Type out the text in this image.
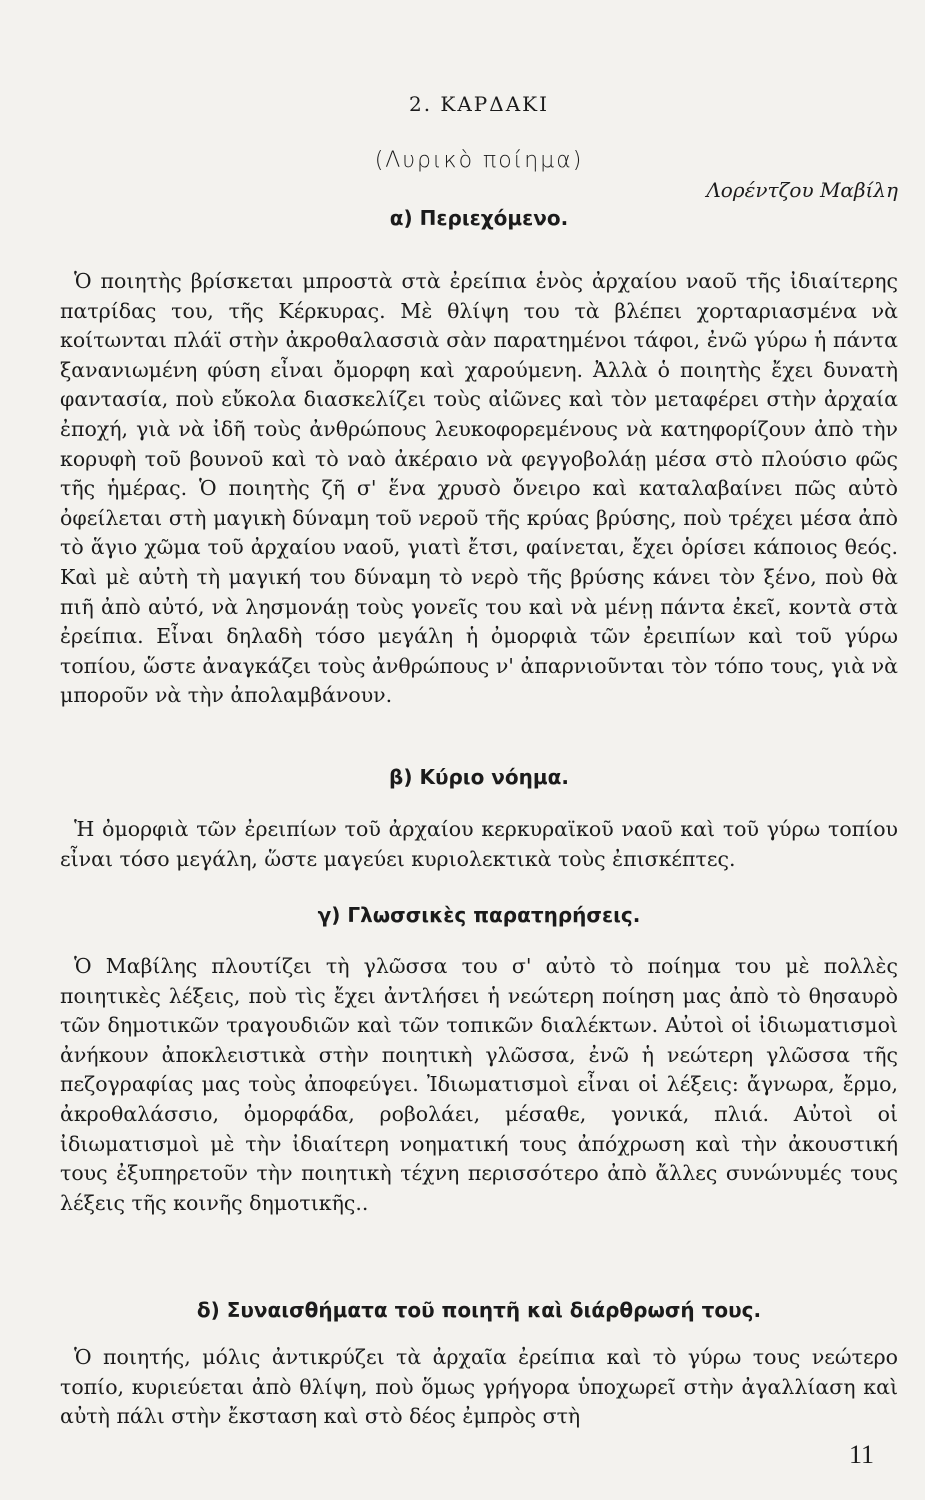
2. ΚΑΡΔΑΚΙ
(Λυρικὸ ποίημα)
Λορέντζου Μαβίλη
α) Περιεχόμενο.

Ὁ ποιητὴς βρίσκεται μπροστὰ στὰ ἐρείπια ἑνὸς ἀρχαίου ναοῦ τῆς ἰδιαίτερης πατρίδας του, τῆς Κέρκυρας. Μὲ θλίψη του τὰ βλέπει χορταριασμένα νὰ κοίτωνται πλάϊ στὴν ἀκροθαλασσιὰ σὰν παρατημένοι τάφοι, ἐνῶ γύρω ἡ πάντα ξανανιωμένη φύση εἶναι ὄμορφη καὶ χαρούμενη. Ἀλλὰ ὁ ποιητὴς ἔχει δυνατὴ φαντασία, ποὺ εὔκολα διασκελίζει τοὺς αἰῶνες καὶ τὸν μεταφέρει στὴν ἀρχαία ἐποχή, γιὰ νὰ ἰδῆ τοὺς ἀνθρώπους λευκοφορεμένους νὰ κατηφορίζουν ἀπὸ τὴν κορυφὴ τοῦ βουνοῦ καὶ τὸ ναὸ ἀκέραιο νὰ φεγγοβολάῃ μέσα στὸ πλούσιο φῶς τῆς ἡμέρας. Ὁ ποιητὴς ζῆ σ' ἕνα χρυσὸ ὄνειρο καὶ καταλαβαίνει πῶς αὐτὸ ὀφείλεται στὴ μαγικὴ δύναμη τοῦ νεροῦ τῆς κρύας βρύσης, ποὺ τρέχει μέσα ἀπὸ τὸ ἅγιο χῶμα τοῦ ἀρχαίου ναοῦ, γιατὶ ἔτσι, φαίνεται, ἔχει ὁρίσει κάποιος θεός. Καὶ μὲ αὐτὴ τὴ μαγική του δύναμη τὸ νερὸ τῆς βρύσης κάνει τὸν ξένο, ποὺ θὰ πιῆ ἀπὸ αὐτό, νὰ λησμονάῃ τοὺς γονεῖς του καὶ νὰ μένῃ πάντα ἐκεῖ, κοντὰ στὰ ἐρείπια. Εἶναι δηλαδὴ τόσο μεγάλη ἡ ὀμορφιὰ τῶν ἐρειπίων καὶ τοῦ γύρω τοπίου, ὥστε ἀναγκάζει τοὺς ἀνθρώπους ν' ἀπαρνιοῦνται τὸν τόπο τους, γιὰ νὰ μποροῦν νὰ τὴν ἀπολαμβάνουν.

β) Κύριο νόημα.

Ἡ ὀμορφιὰ τῶν ἐρειπίων τοῦ ἀρχαίου κερκυραϊκοῦ ναοῦ καὶ τοῦ γύρω τοπίου εἶναι τόσο μεγάλη, ὥστε μαγεύει κυριολεκτικὰ τοὺς ἐπισκέπτες.

γ) Γλωσσικὲς παρατηρήσεις.

Ὁ Μαβίλης πλουτίζει τὴ γλῶσσα του σ' αὐτὸ τὸ ποίημα του μὲ πολλὲς ποιητικὲς λέξεις, ποὺ τὶς ἔχει ἀντλήσει ἡ νεώτερη ποίηση μας ἀπὸ τὸ θησαυρὸ τῶν δημοτικῶν τραγουδιῶν καὶ τῶν τοπικῶν διαλέκτων. Αὐτοὶ οἱ ἰδιωματισμοὶ ἀνήκουν ἀποκλειστικὰ στὴν ποιητικὴ γλῶσσα, ἐνῶ ἡ νεώτερη γλῶσσα τῆς πεζογραφίας μας τοὺς ἀποφεύγει. Ἰδιωματισμοὶ εἶναι οἱ λέξεις: ἄγνωρα, ἔρμο, ἀκροθαλάσσιο, ὀμορφάδα, ροβολάει, μέσαθε, γονικά, πλιά. Αὐτοὶ οἱ ἰδιωματισμοὶ μὲ τὴν ἰδιαίτερη νοηματική τους ἀπόχρωση καὶ τὴν ἀκουστική τους ἐξυπηρετοῦν τὴν ποιητικὴ τέχνη περισσότερο ἀπὸ ἄλλες συνώνυμές τους λέξεις τῆς κοινῆς δημοτικῆς..

δ) Συναισθήματα τοῦ ποιητῆ καὶ διάρθρωσή τους.

Ὁ ποιητής, μόλις ἀντικρύζει τὰ ἀρχαῖα ἐρείπια καὶ τὸ γύρω τους νεώτερο τοπίο, κυριεύεται ἀπὸ θλίψη, ποὺ ὅμως γρήγορα ὑποχωρεῖ στὴν ἀγαλλίαση καὶ αὐτὴ πάλι στὴν ἔκσταση καὶ στὸ δέος ἐμπρὸς στὴ

11
